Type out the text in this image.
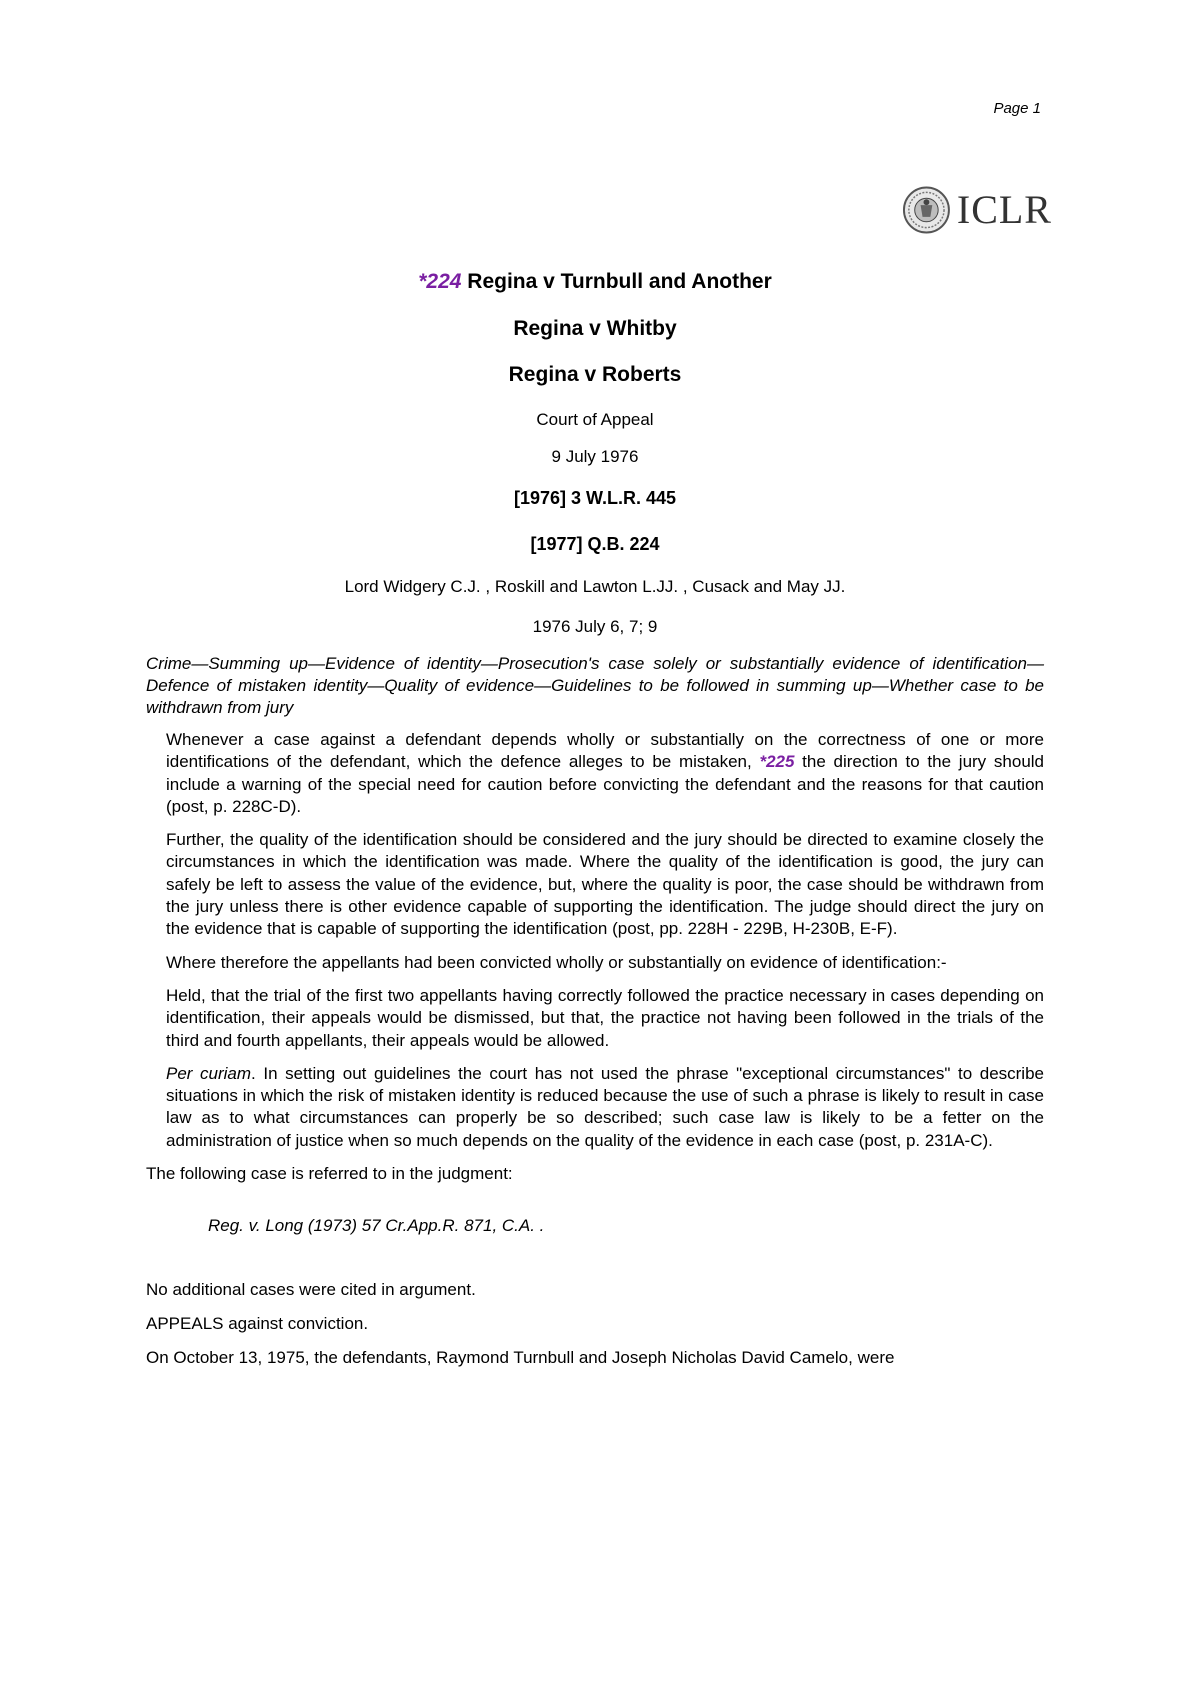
Page 1
ICLR

*224 Regina v Turnbull and Another

Regina v Whitby

Regina v Roberts

Court of Appeal

9 July 1976

[1976] 3 W.L.R. 445

[1977] Q.B. 224

Lord Widgery C.J. , Roskill and Lawton L.JJ. , Cusack and May JJ.

1976 July 6, 7; 9

Crime—Summing up—Evidence of identity—Prosecution's case solely or substantially evidence of identification—Defence of mistaken identity—Quality of evidence—Guidelines to be followed in summing up—Whether case to be withdrawn from jury

Whenever a case against a defendant depends wholly or substantially on the correctness of one or more identifications of the defendant, which the defence alleges to be mistaken, *225 the direction to the jury should include a warning of the special need for caution before convicting the defendant and the reasons for that caution (post, p. 228C-D).

Further, the quality of the identification should be considered and the jury should be directed to examine closely the circumstances in which the identification was made. Where the quality of the identification is good, the jury can safely be left to assess the value of the evidence, but, where the quality is poor, the case should be withdrawn from the jury unless there is other evidence capable of supporting the identification. The judge should direct the jury on the evidence that is capable of supporting the identification (post, pp. 228H - 229B, H-230B, E-F).

Where therefore the appellants had been convicted wholly or substantially on evidence of identification:-

Held, that the trial of the first two appellants having correctly followed the practice necessary in cases depending on identification, their appeals would be dismissed, but that, the practice not having been followed in the trials of the third and fourth appellants, their appeals would be allowed.

Per curiam. In setting out guidelines the court has not used the phrase "exceptional circumstances" to describe situations in which the risk of mistaken identity is reduced because the use of such a phrase is likely to result in case law as to what circumstances can properly be so described; such case law is likely to be a fetter on the administration of justice when so much depends on the quality of the evidence in each case (post, p. 231A-C).

The following case is referred to in the judgment:

Reg. v. Long (1973) 57 Cr.App.R. 871, C.A. .

No additional cases were cited in argument.

APPEALS against conviction.

On October 13, 1975, the defendants, Raymond Turnbull and Joseph Nicholas David Camelo, were
